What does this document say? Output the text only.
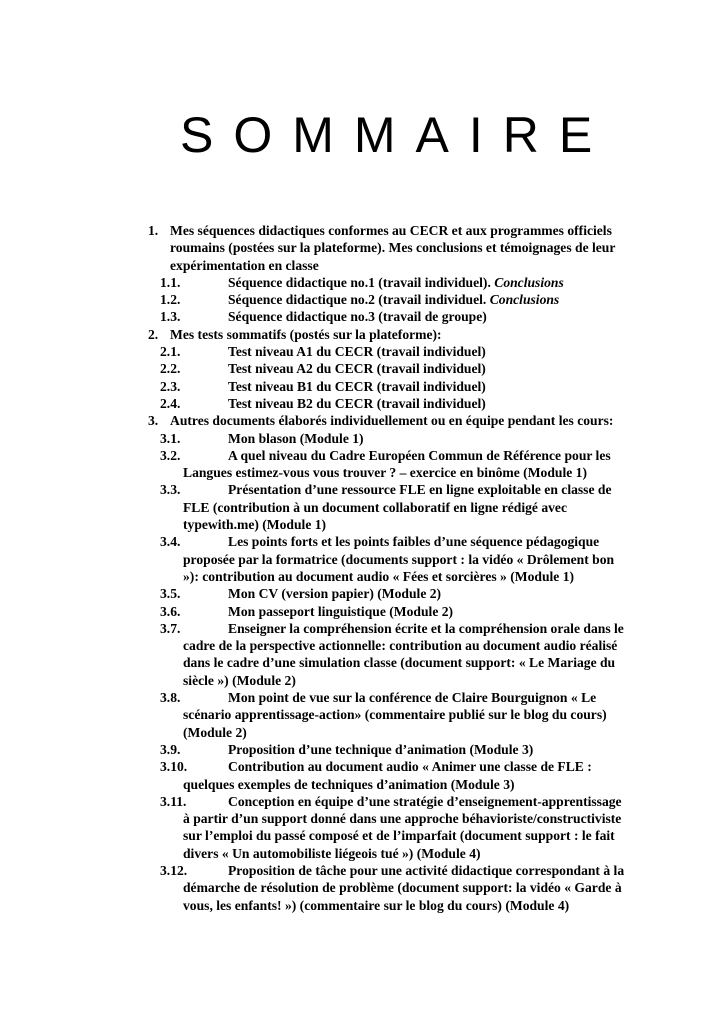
SOMMAIRE
1. Mes séquences didactiques conformes au CECR et aux programmes officiels
roumains (postées sur la plateforme). Mes conclusions et témoignages de leur
expérimentation en classe
1.1.	Séquence didactique no.1 (travail individuel). Conclusions
1.2.	Séquence didactique no.2 (travail individuel. Conclusions
1.3.	Séquence didactique no.3 (travail de groupe)
2. Mes tests sommatifs (postés sur la plateforme):
2.1.	Test niveau A1 du CECR (travail individuel)
2.2.	Test niveau A2 du CECR (travail individuel)
2.3.	Test niveau B1 du CECR (travail individuel)
2.4.	Test niveau B2 du CECR (travail individuel)
3. Autres documents élaborés individuellement ou en équipe pendant les cours:
3.1.	Mon blason (Module 1)
3.2.	A quel niveau du Cadre Européen Commun de Référence pour les
Langues estimez-vous vous trouver ? – exercice en binôme (Module 1)
3.3.	Présentation d’une ressource FLE en ligne exploitable en classe de
FLE (contribution à un document collaboratif en ligne rédigé avec
typewith.me) (Module 1)
3.4.	Les points forts et les points faibles d’une séquence pédagogique
proposée par la formatrice (documents support : la vidéo « Drôlement bon
»): contribution au document audio « Fées et sorcières » (Module 1)
3.5.	Mon CV (version papier) (Module 2)
3.6.	Mon passeport linguistique (Module 2)
3.7.	Enseigner la compréhension écrite et la compréhension orale dans le
cadre de la perspective actionnelle: contribution au document audio réalisé
dans le cadre d’une simulation classe (document support: « Le Mariage du
siècle ») (Module 2)
3.8.	Mon point de vue sur la conférence de Claire Bourguignon « Le
scénario apprentissage-action» (commentaire publié sur le blog du cours)
(Module 2)
3.9.	Proposition d’une technique d’animation (Module 3)
3.10.	Contribution au document audio « Animer une classe de FLE :
quelques exemples de techniques d’animation (Module 3)
3.11.	Conception en équipe d’une stratégie d’enseignement-apprentissage
à partir d’un support donné dans une approche béhavioriste/constructiviste
sur l’emploi du passé composé et de l’imparfait (document support : le fait
divers « Un automobiliste liégeois tué ») (Module 4)
3.12.	Proposition de tâche pour une activité didactique correspondant à la
démarche de résolution de problème (document support: la vidéo « Garde à
vous, les enfants! ») (commentaire sur le blog du cours) (Module 4)
